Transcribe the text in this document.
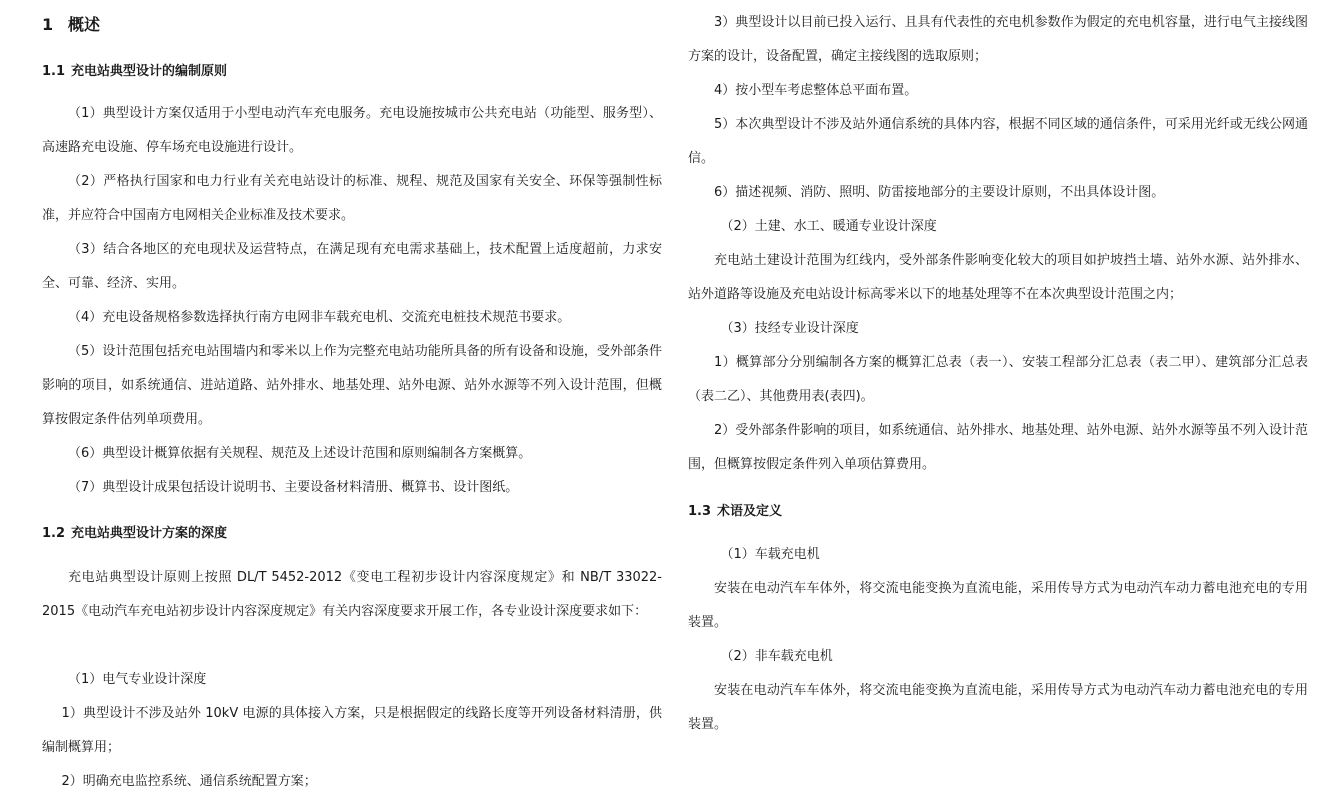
1 概述
1.1 充电站典型设计的编制原则
（1）典型设计方案仅适用于小型电动汽车充电服务。充电设施按城市公共充电站（功能型、服务型）、高速路充电设施、停车场充电设施进行设计。
（2）严格执行国家和电力行业有关充电站设计的标准、规程、规范及国家有关安全、环保等强制性标准，并应符合中国南方电网相关企业标准及技术要求。
（3）结合各地区的充电现状及运营特点，在满足现有充电需求基础上，技术配置上适度超前，力求安全、可靠、经济、实用。
（4）充电设备规格参数选择执行南方电网非车载充电机、交流充电桩技术规范书要求。
（5）设计范围包括充电站围墙内和零米以上作为完整充电站功能所具备的所有设备和设施，受外部条件影响的项目，如系统通信、进站道路、站外排水、地基处理、站外电源、站外水源等不列入设计范围，但概算按假定条件估列单项费用。
（6）典型设计概算依据有关规程、规范及上述设计范围和原则编制各方案概算。
（7）典型设计成果包括设计说明书、主要设备材料清册、概算书、设计图纸。
1.2 充电站典型设计方案的深度
充电站典型设计原则上按照 DL/T 5452-2012《变电工程初步设计内容深度规定》和 NB/T 33022-2015《电动汽车充电站初步设计内容深度规定》有关内容深度要求开展工作，各专业设计深度要求如下：
（1）电气专业设计深度
1）典型设计不涉及站外 10kV 电源的具体接入方案，只是根据假定的线路长度等开列设备材料清册，供编制概算用；
2）明确充电监控系统、通信系统配置方案；
3）典型设计以目前已投入运行、且具有代表性的充电机参数作为假定的充电机容量，进行电气主接线图方案的设计，设备配置，确定主接线图的选取原则；
4）按小型车考虑整体总平面布置。
5）本次典型设计不涉及站外通信系统的具体内容，根据不同区域的通信条件，可采用光纤或无线公网通信。
6）描述视频、消防、照明、防雷接地部分的主要设计原则，不出具体设计图。
（2）土建、水工、暖通专业设计深度
充电站土建设计范围为红线内，受外部条件影响变化较大的项目如护坡挡土墙、站外水源、站外排水、站外道路等设施及充电站设计标高零米以下的地基处理等不在本次典型设计范围之内；
（3）技经专业设计深度
1）概算部分分别编制各方案的概算汇总表（表一）、安装工程部分汇总表（表二甲）、建筑部分汇总表（表二乙）、其他费用表(表四)。
2）受外部条件影响的项目，如系统通信、站外排水、地基处理、站外电源、站外水源等虽不列入设计范围，但概算按假定条件列入单项估算费用。
1.3 术语及定义
（1）车载充电机
安装在电动汽车车体外，将交流电能变换为直流电能，采用传导方式为电动汽车动力蓄电池充电的专用装置。
（2）非车载充电机
安装在电动汽车车体外，将交流电能变换为直流电能，采用传导方式为电动汽车动力蓄电池充电的专用装置。
